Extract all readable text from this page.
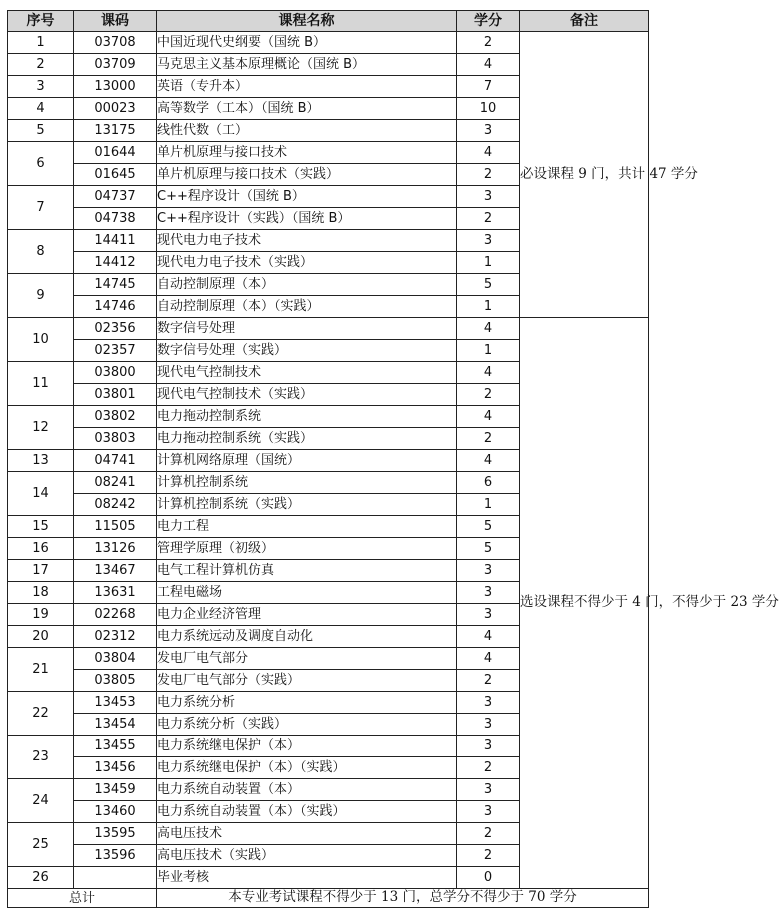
序号	课码	课程名称	学分	备注
1	03708	中国近现代史纲要（国统 B）	2	必设课程 9 门，共计 47 学分
2	03709	马克思主义基本原理概论（国统 B）	4	
3	13000	英语（专升本）	7	
4	00023	高等数学（工本）（国统 B）	10	
5	13175	线性代数（工）	3	
6	01644	单片机原理与接口技术	4	
	01645	单片机原理与接口技术（实践）	2	
7	04737	C++程序设计（国统 B）	3	
	04738	C++程序设计（实践）（国统 B）	2	
8	14411	现代电力电子技术	3	
	14412	现代电力电子技术（实践）	1	
9	14745	自动控制原理（本）	5	
	14746	自动控制原理（本）（实践）	1	
10	02356	数字信号处理	4	选设课程不得少于 4 门，不得少于 23 学分
	02357	数字信号处理（实践）	1	
11	03800	现代电气控制技术	4	
	03801	现代电气控制技术（实践）	2	
12	03802	电力拖动控制系统	4	
	03803	电力拖动控制系统（实践）	2	
13	04741	计算机网络原理（国统）	4	
14	08241	计算机控制系统	6	
	08242	计算机控制系统（实践）	1	
15	11505	电力工程	5	
16	13126	管理学原理（初级）	5	
17	13467	电气工程计算机仿真	3	
18	13631	工程电磁场	3	
19	02268	电力企业经济管理	3	
20	02312	电力系统远动及调度自动化	4	
21	03804	发电厂电气部分	4	
	03805	发电厂电气部分（实践）	2	
22	13453	电力系统分析	3	
	13454	电力系统分析（实践）	3	
23	13455	电力系统继电保护（本）	3	
	13456	电力系统继电保护（本）（实践）	2	
24	13459	电力系统自动装置（本）	3	
	13460	电力系统自动装置（本）（实践）	3	
25	13595	高电压技术	2	
	13596	高电压技术（实践）	2	
26		毕业考核	0	
总计		本专业考试课程不得少于 13 门，总学分不得少于 70 学分		
